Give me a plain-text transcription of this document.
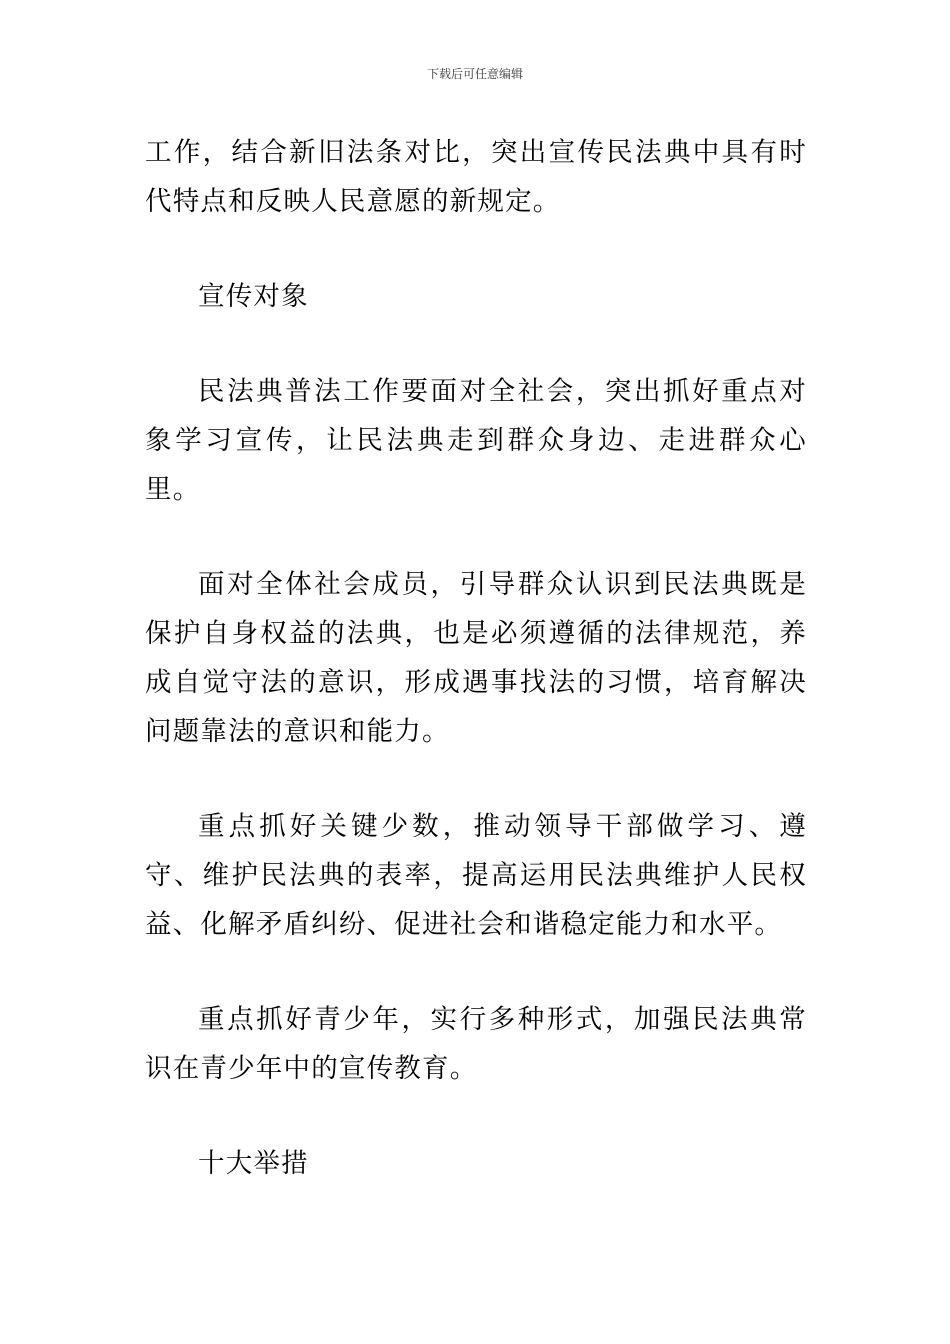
下载后可任意编辑

工作，结合新旧法条对比，突出宣传民法典中具有时代特点和反映人民意愿的新规定。

宣传对象

民法典普法工作要面对全社会，突出抓好重点对象学习宣传，让民法典走到群众身边、走进群众心里。

面对全体社会成员，引导群众认识到民法典既是保护自身权益的法典，也是必须遵循的法律规范，养成自觉守法的意识，形成遇事找法的习惯，培育解决问题靠法的意识和能力。

重点抓好关键少数，推动领导干部做学习、遵守、维护民法典的表率，提高运用民法典维护人民权益、化解矛盾纠纷、促进社会和谐稳定能力和水平。

重点抓好青少年，实行多种形式，加强民法典常识在青少年中的宣传教育。

十大举措
